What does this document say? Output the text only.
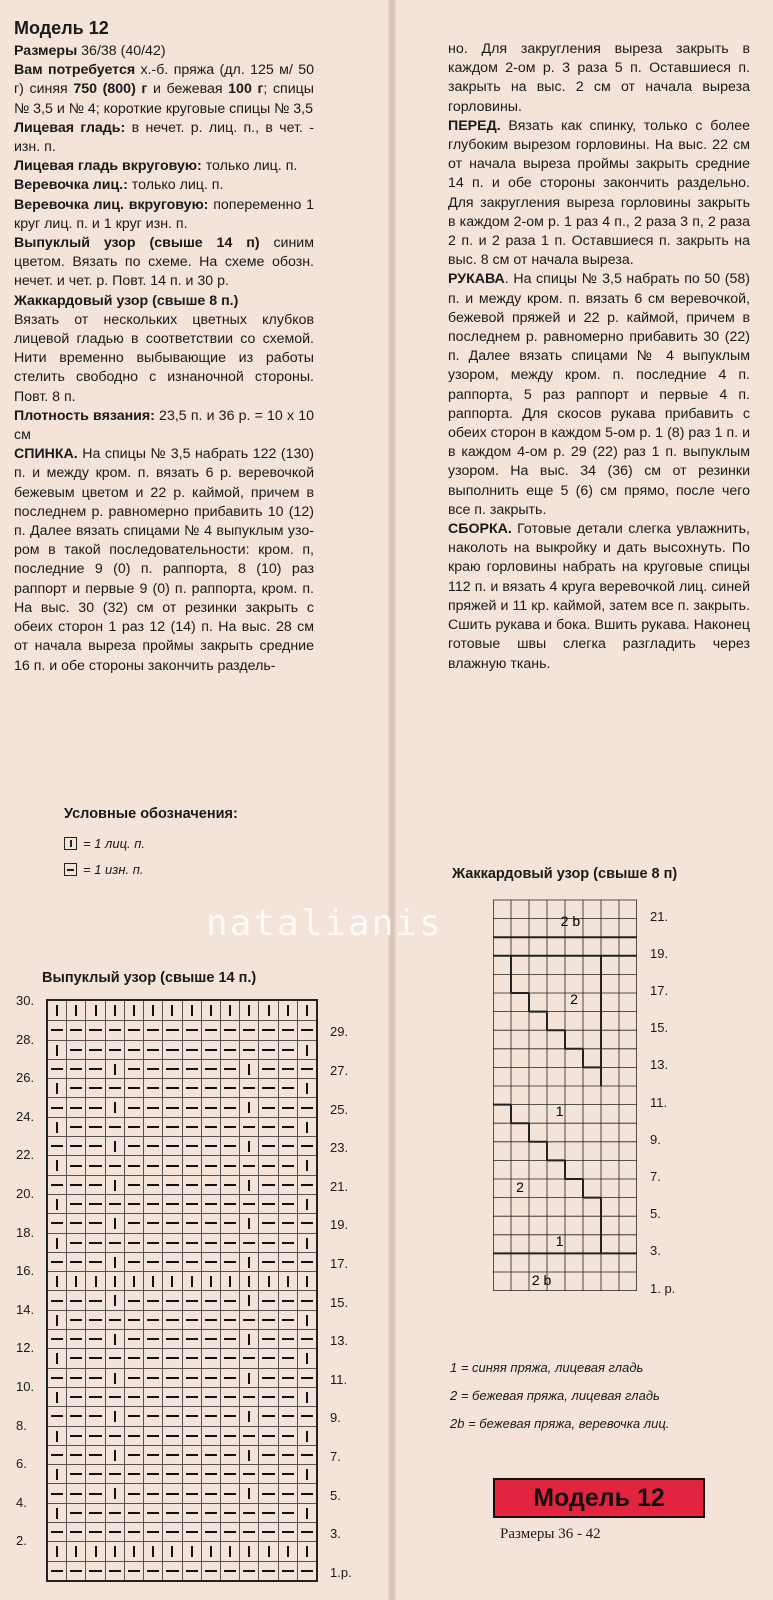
Модель 12

Размеры 36/38 (40/42)

Вам потребуется х.-б. пряжа (дл. 125 м/ 50 г) синяя 750 (800) г и бежевая 100 г; спицы № 3,5 и № 4; короткие круговые спицы № 3,5

Лицевая гладь: в нечет. р. лиц. п., в чет. - изн. п.

Лицевая гладь вкруговую: только лиц. п.

Веревочка лиц.: только лиц. п.

Веревочка лиц. вкруговую: попеременно 1 круг лиц. п. и 1 круг изн. п.

Выпуклый узор (свыше 14 п) синим цветом. Вязать по схеме. На схеме обозн. нечет. и чет. р. Повт. 14 п. и 30 р.

Жаккардовый узор (свыше 8 п.)
Вязать от нескольких цветных клубков лицевой гладью в соответствии со схемой. Нити временно выбывающие из работы стелить свободно с изнаночной стороны. Повт. 8 п.

Плотность вязания: 23,5 п. и 36 р. = 10 х 10 см

СПИНКА. На спицы № 3,5 набрать 122 (130) п. и между кром. п. вязать 6 р. веревочкой бежевым цветом и 22 р. каймой, причем в последнем р. равномерно прибавить 10 (12) п. Далее вязать спицами № 4 выпуклым узором в такой последовательности: кром. п, последние 9 (0) п. раппорта, 8 (10) раз раппорт и первые 9 (0) п. раппорта, кром. п. На выс. 30 (32) см от резинки закрыть с обеих сторон 1 раз 12 (14) п. На выс. 28 см от начала выреза проймы закрыть средние 16 п. и обе стороны закончить раздель-

но. Для закругления выреза закрыть в каждом 2-ом р. 3 раза 5 п. Оставшиеся п. закрыть на выс. 2 см от начала выреза горловины.

ПЕРЕД. Вязать как спинку, только с более глубоким вырезом горловины. На выс. 22 см от начала выреза проймы закрыть средние 14 п. и обе стороны закончить раздельно. Для закругления выреза горловины закрыть в каждом 2-ом р. 1 раз 4 п., 2 раза 3 п, 2 раза 2 п. и 2 раза 1 п. Оставшиеся п. закрыть на выс. 8 см от начала выреза.

РУКАВА. На спицы № 3,5 набрать по 50 (58) п. и между кром. п. вязать 6 см веревочкой, бежевой пряжей и 22 р. каймой, причем в последнем р. равномерно прибавить 30 (22) п. Далее вязать спицами № 4 выпуклым узором, между кром. п. последние 4 п. раппорта, 5 раз раппорт и первые 4 п. раппорта. Для скосов рукава прибавить с обеих сторон в каждом 5-ом р. 1 (8) раз 1 п. и в каждом 4-ом р. 29 (22) раз 1 п. выпуклым узором. На выс. 34 (36) см от резинки выполнить еще 5 (6) см прямо, после чего все п. закрыть.

СБОРКА. Готовые детали слегка увлажнить, наколоть на выкройку и дать высохнуть. По краю горловины набрать на круговые спицы 112 п. и вязать 4 круга веревочкой лиц. синей пряжей и 11 кр. каймой, затем все п. закрыть. Сшить рукава и бока. Вшить рукава. Наконец готовые швы слегка разгладить через влажную ткань.

Условные обозначения:
= 1 лиц. п.
= 1 изн. п.
natalianis
Выпуклый узор (свыше 14 п.)
30.
28.
26.
24.
22.
20.
18.
16.
14.
12.
10.
8.
6.
4.
2.
29.
27.
25.
23.
21.
19.
17.
15.
13.
11.
9.
7.
5.
3.
1.р.
Жаккардовый узор (свыше 8 п)
2 b
2
1
2
1
2 b
21.
19.
17.
15.
13.
11.
9.
7.
5.
3.
1. р.
1 = синяя пряжа, лицевая гладь
2 = бежевая пряжа, лицевая гладь
2b = бежевая пряжа, веревочка лиц.
Модель 12
Размеры 36 - 42
